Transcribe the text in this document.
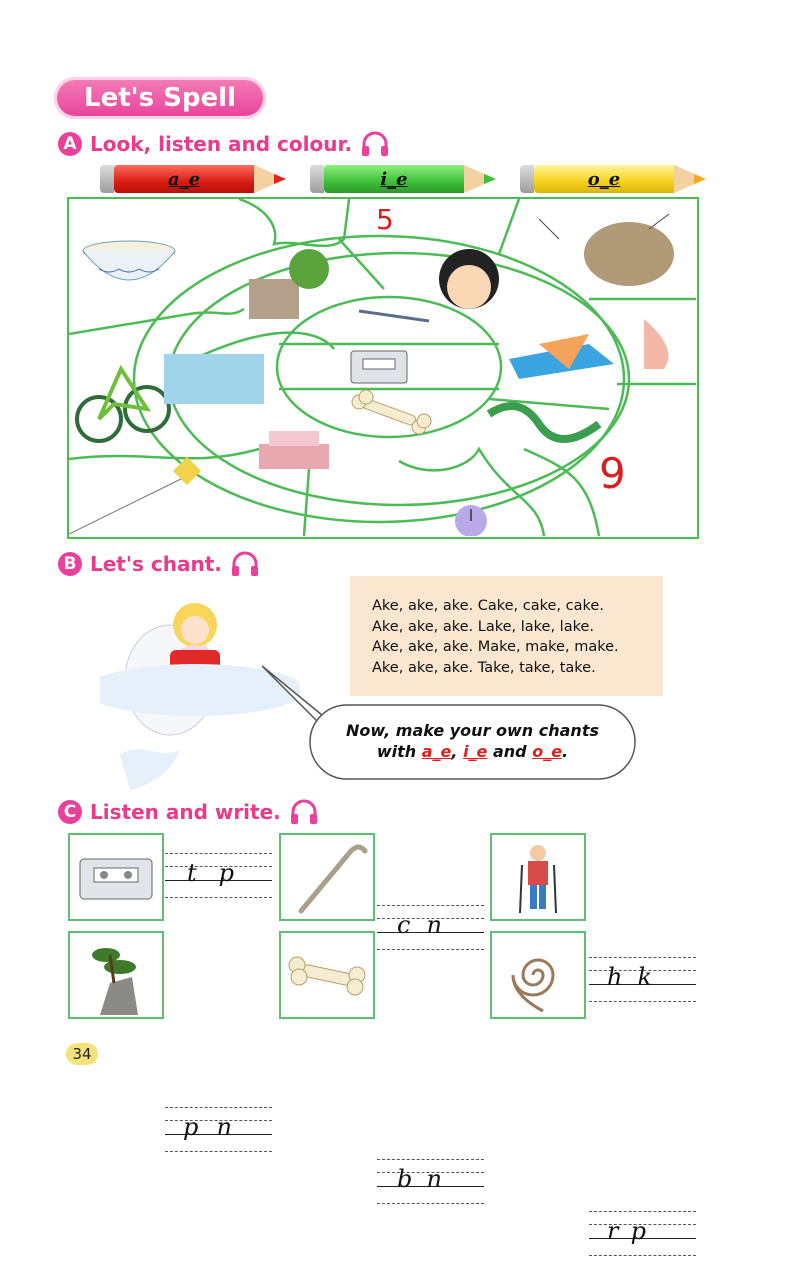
Let's Spell
A Look, listen and colour.
a_e	i_e	o_e
5
9
B Let's chant.
Ake, ake, ake. Cake, cake, cake.
Ake, ake, ake. Lake, lake, lake.
Ake, ake, ake. Make, make, make.
Ake, ake, ake. Take, take, take.
Now, make your own chants
with a_e, i_e and o_e.
C Listen and write.
t p
c n
h k
p n
b n
r p
34
